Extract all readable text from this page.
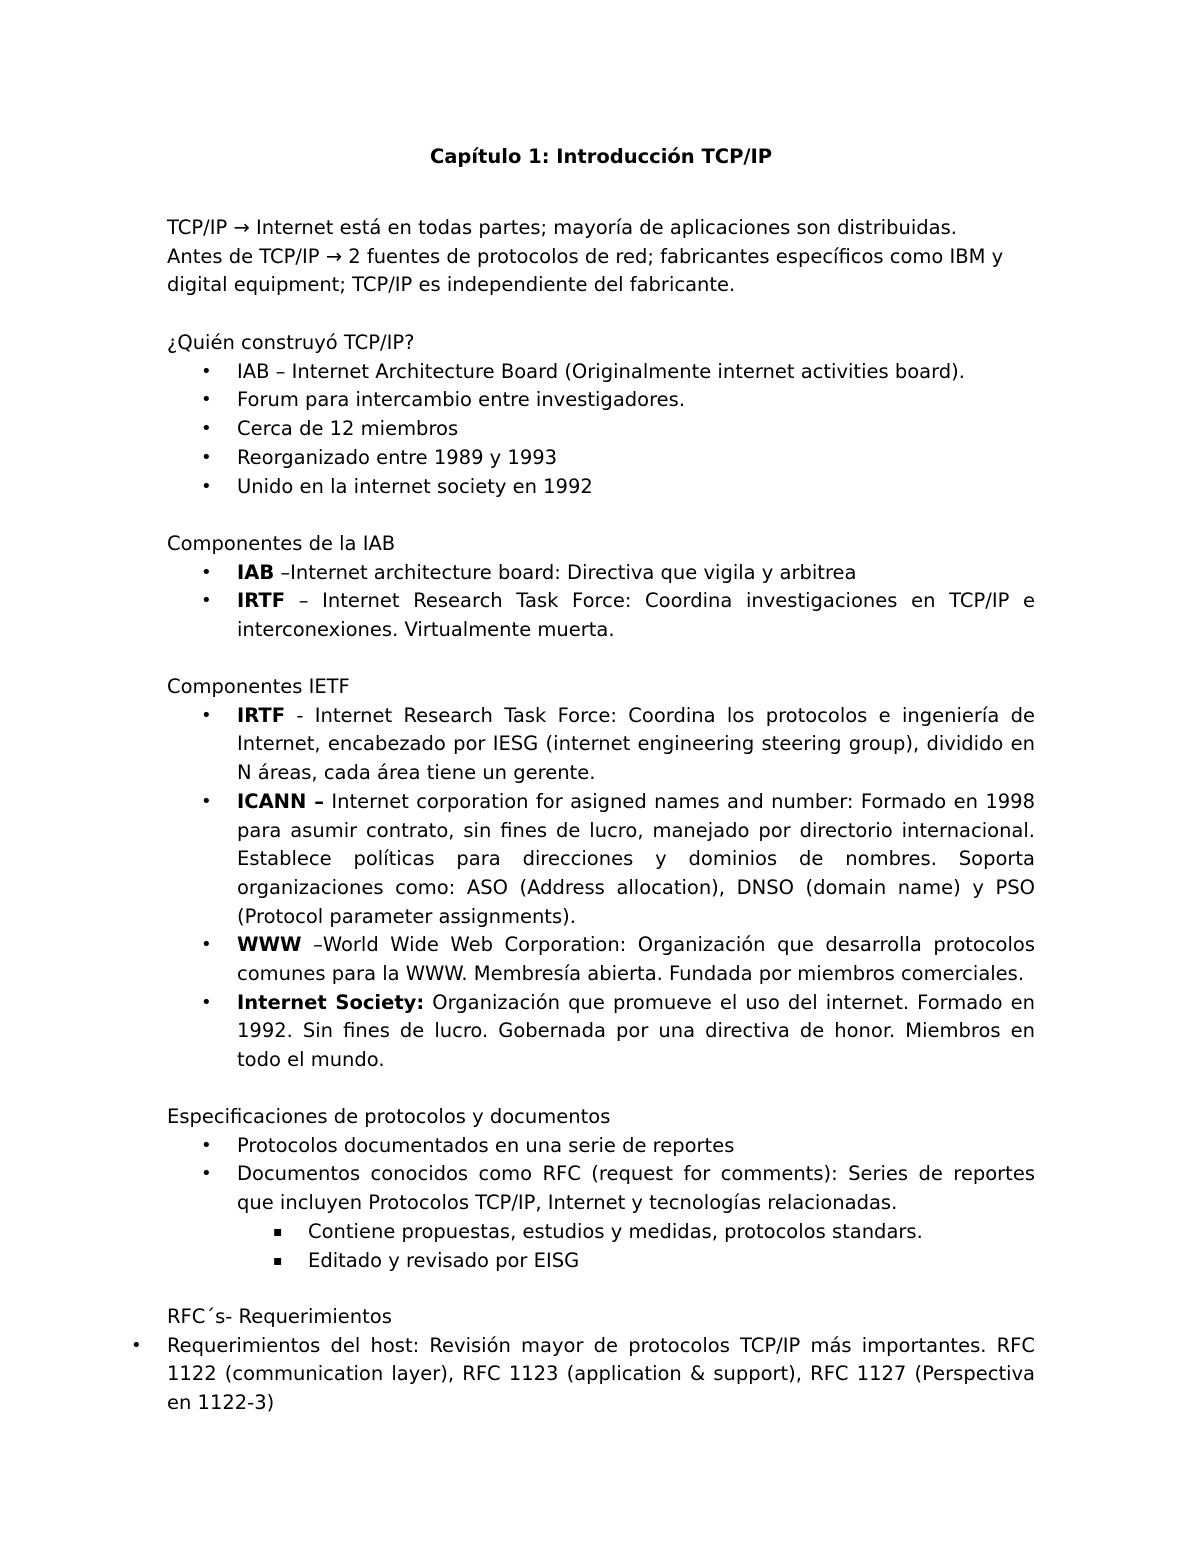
Capítulo 1: Introducción TCP/IP

TCP/IP → Internet está en todas partes; mayoría de aplicaciones son distribuidas.

Antes de TCP/IP → 2 fuentes de protocolos de red; fabricantes específicos como IBM y digital equipment; TCP/IP es independiente del fabricante.

¿Quién construyó TCP/IP?

• IAB – Internet Architecture Board (Originalmente internet activities board).
• Forum para intercambio entre investigadores.
• Cerca de 12 miembros
• Reorganizado entre 1989 y 1993
• Unido en la internet society en 1992

Componentes de la IAB

• IAB –Internet architecture board: Directiva que vigila y arbitrea
• IRTF – Internet Research Task Force: Coordina investigaciones en TCP/IP e interconexiones. Virtualmente muerta.

Componentes IETF

• IRTF - Internet Research Task Force: Coordina los protocolos e ingeniería de Internet, encabezado por IESG (internet engineering steering group), dividido en N áreas, cada área tiene un gerente.
• ICANN – Internet corporation for asigned names and number: Formado en 1998 para asumir contrato, sin fines de lucro, manejado por directorio internacional. Establece políticas para direcciones y dominios de nombres. Soporta organizaciones como: ASO (Address allocation), DNSO (domain name) y PSO (Protocol parameter assignments).
• WWW –World Wide Web Corporation: Organización que desarrolla protocolos comunes para la WWW. Membresía abierta. Fundada por miembros comerciales.
• Internet Society: Organización que promueve el uso del internet. Formado en 1992. Sin fines de lucro. Gobernada por una directiva de honor. Miembros en todo el mundo.

Especificaciones de protocolos y documentos

• Protocolos documentados en una serie de reportes
• Documentos conocidos como RFC (request for comments): Series de reportes que incluyen Protocolos TCP/IP, Internet y tecnologías relacionadas.
▪ Contiene propuestas, estudios y medidas, protocolos standars.
▪ Editado y revisado por EISG

RFC´s- Requerimientos

• Requerimientos del host: Revisión mayor de protocolos TCP/IP más importantes. RFC 1122 (communication layer), RFC 1123 (application & support), RFC 1127 (Perspectiva en 1122-3)
